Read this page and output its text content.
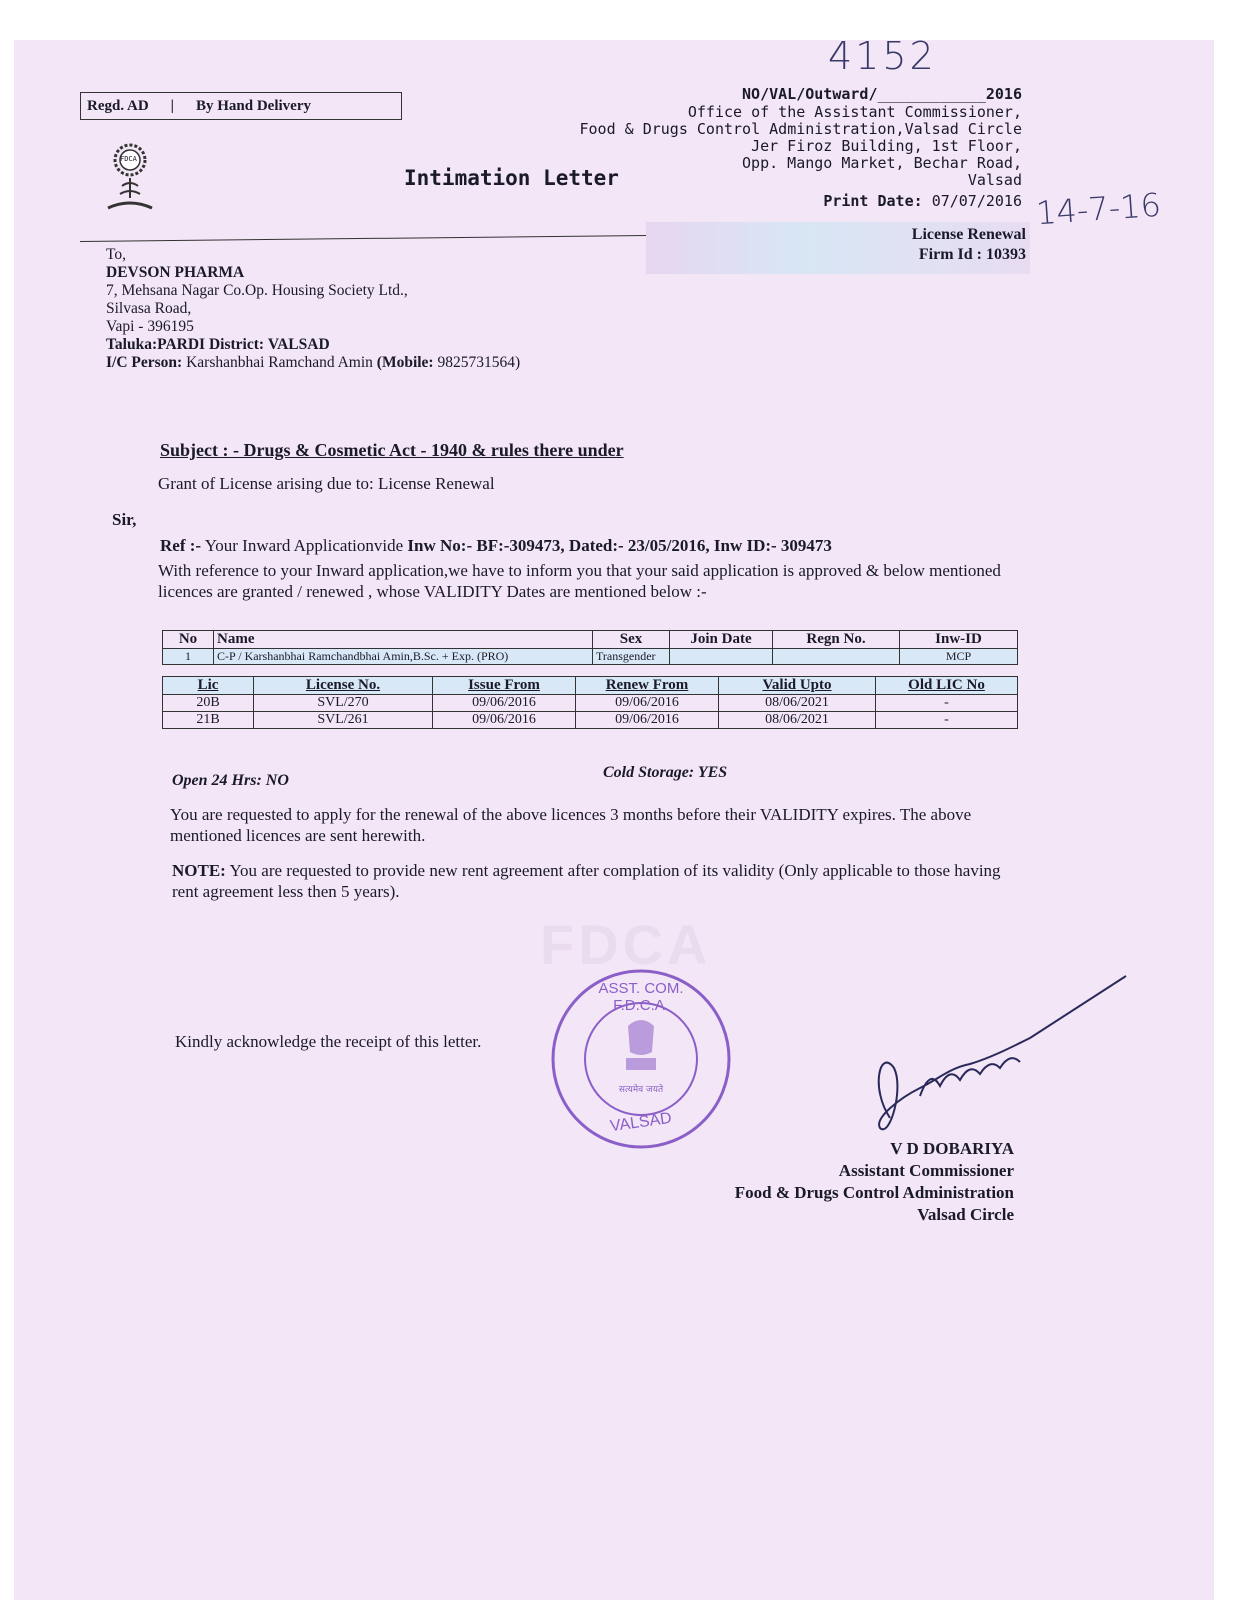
4152
14-7-16
Regd. AD | By Hand Delivery
FDCA
NO/VAL/Outward/____________2016
Office of the Assistant Commissioner,
Food & Drugs Control Administration,Valsad Circle
Jer Firoz Building, 1st Floor,
Opp. Mango Market, Bechar Road,
Valsad
Print Date: 07/07/2016
Intimation Letter
License Renewal
Firm Id : 10393
To,
DEVSON PHARMA
7, Mehsana Nagar Co.Op. Housing Society Ltd.,
Silvasa Road,
Vapi - 396195
Taluka:PARDI District: VALSAD
I/C Person: Karshanbhai Ramchand Amin (Mobile: 9825731564)
Subject : - Drugs & Cosmetic Act - 1940 & rules there under
Grant of License arising due to: License Renewal
Sir,
Ref :- Your Inward Applicationvide Inw No:- BF:-309473, Dated:- 23/05/2016, Inw ID:- 309473
With reference to your Inward application,we have to inform you that your said application is approved & below mentioned licences are granted / renewed , whose VALIDITY Dates are mentioned below :-
No	Name	Sex	Join Date	Regn No.	Inw-ID
1	C-P / Karshanbhai Ramchandbhai Amin,B.Sc. + Exp. (PRO)	Transgender			MCP
Lic	License No.	Issue From	Renew From	Valid Upto	Old LIC No
20B	SVL/270	09/06/2016	09/06/2016	08/06/2021	-
21B	SVL/261	09/06/2016	09/06/2016	08/06/2021	-
Open 24 Hrs: NO	Cold Storage: YES
You are requested to apply for the renewal of the above licences 3 months before their VALIDITY expires. The above mentioned licences are sent herewith.
NOTE: You are requested to provide new rent agreement after complation of its validity (Only applicable to those having rent agreement less then 5 years).
FDCA
Kindly acknowledge the receipt of this letter.
ASST. COM. F.D.C.A.
सत्यमेव जयते
VALSAD
V D DOBARIYA
Assistant Commissioner
Food & Drugs Control Administration
Valsad Circle
